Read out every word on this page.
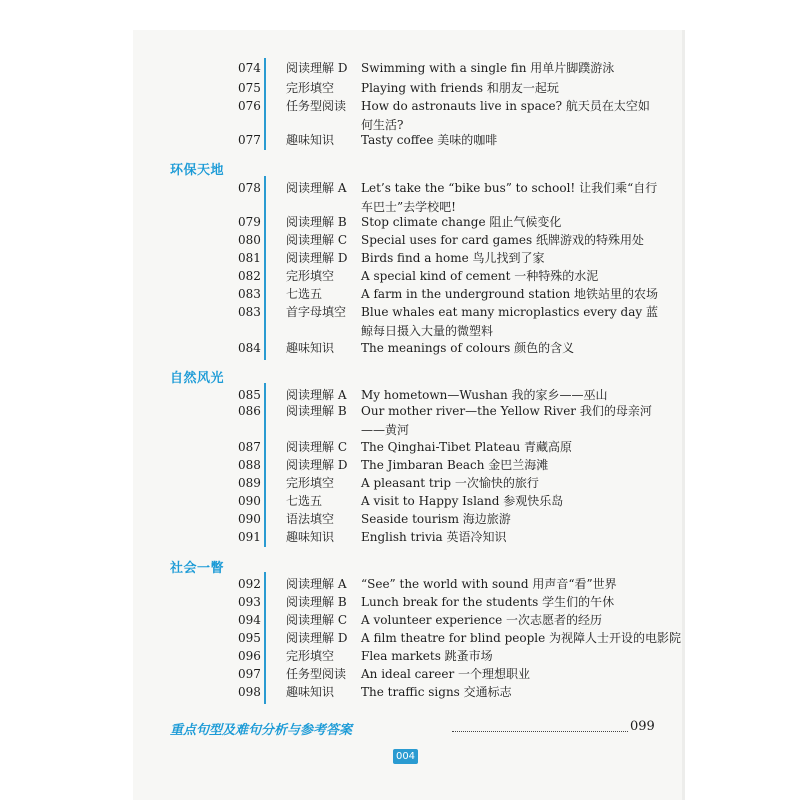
074 阅读理解 D	Swimming with a single fin 用单片脚蹼游泳
075 完形填空	Playing with friends 和朋友一起玩
076 任务型阅读	How do astronauts live in space? 航天员在太空如何生活?
077 趣味知识	Tasty coffee 美味的咖啡
环保天地
078 阅读理解 A	Let’s take the “bike bus” to school! 让我们乘“自行车巴士”去学校吧!
079 阅读理解 B	Stop climate change 阻止气候变化
080 阅读理解 C	Special uses for card games 纸牌游戏的特殊用处
081 阅读理解 D	Birds find a home 鸟儿找到了家
082 完形填空	A special kind of cement 一种特殊的水泥
083 七选五	A farm in the underground station 地铁站里的农场
083 首字母填空	Blue whales eat many microplastics every day 蓝鲸每日摄入大量的微塑料
084 趣味知识	The meanings of colours 颜色的含义
自然风光
085 阅读理解 A	My hometown—Wushan 我的家乡——巫山
086 阅读理解 B	Our mother river—the Yellow River 我们的母亲河——黄河
087 阅读理解 C	The Qinghai-Tibet Plateau 青藏高原
088 阅读理解 D	The Jimbaran Beach 金巴兰海滩
089 完形填空	A pleasant trip 一次愉快的旅行
090 七选五	A visit to Happy Island 参观快乐岛
090 语法填空	Seaside tourism 海边旅游
091 趣味知识	English trivia 英语冷知识
社会一瞥
092 阅读理解 A	“See” the world with sound 用声音“看”世界
093 阅读理解 B	Lunch break for the students 学生们的午休
094 阅读理解 C	A volunteer experience 一次志愿者的经历
095 阅读理解 D	A film theatre for blind people 为视障人士开设的电影院
096 完形填空	Flea markets 跳蚤市场
097 任务型阅读	An ideal career 一个理想职业
098 趣味知识	The traffic signs 交通标志
重点句型及难句分析与参考答案	099
004
